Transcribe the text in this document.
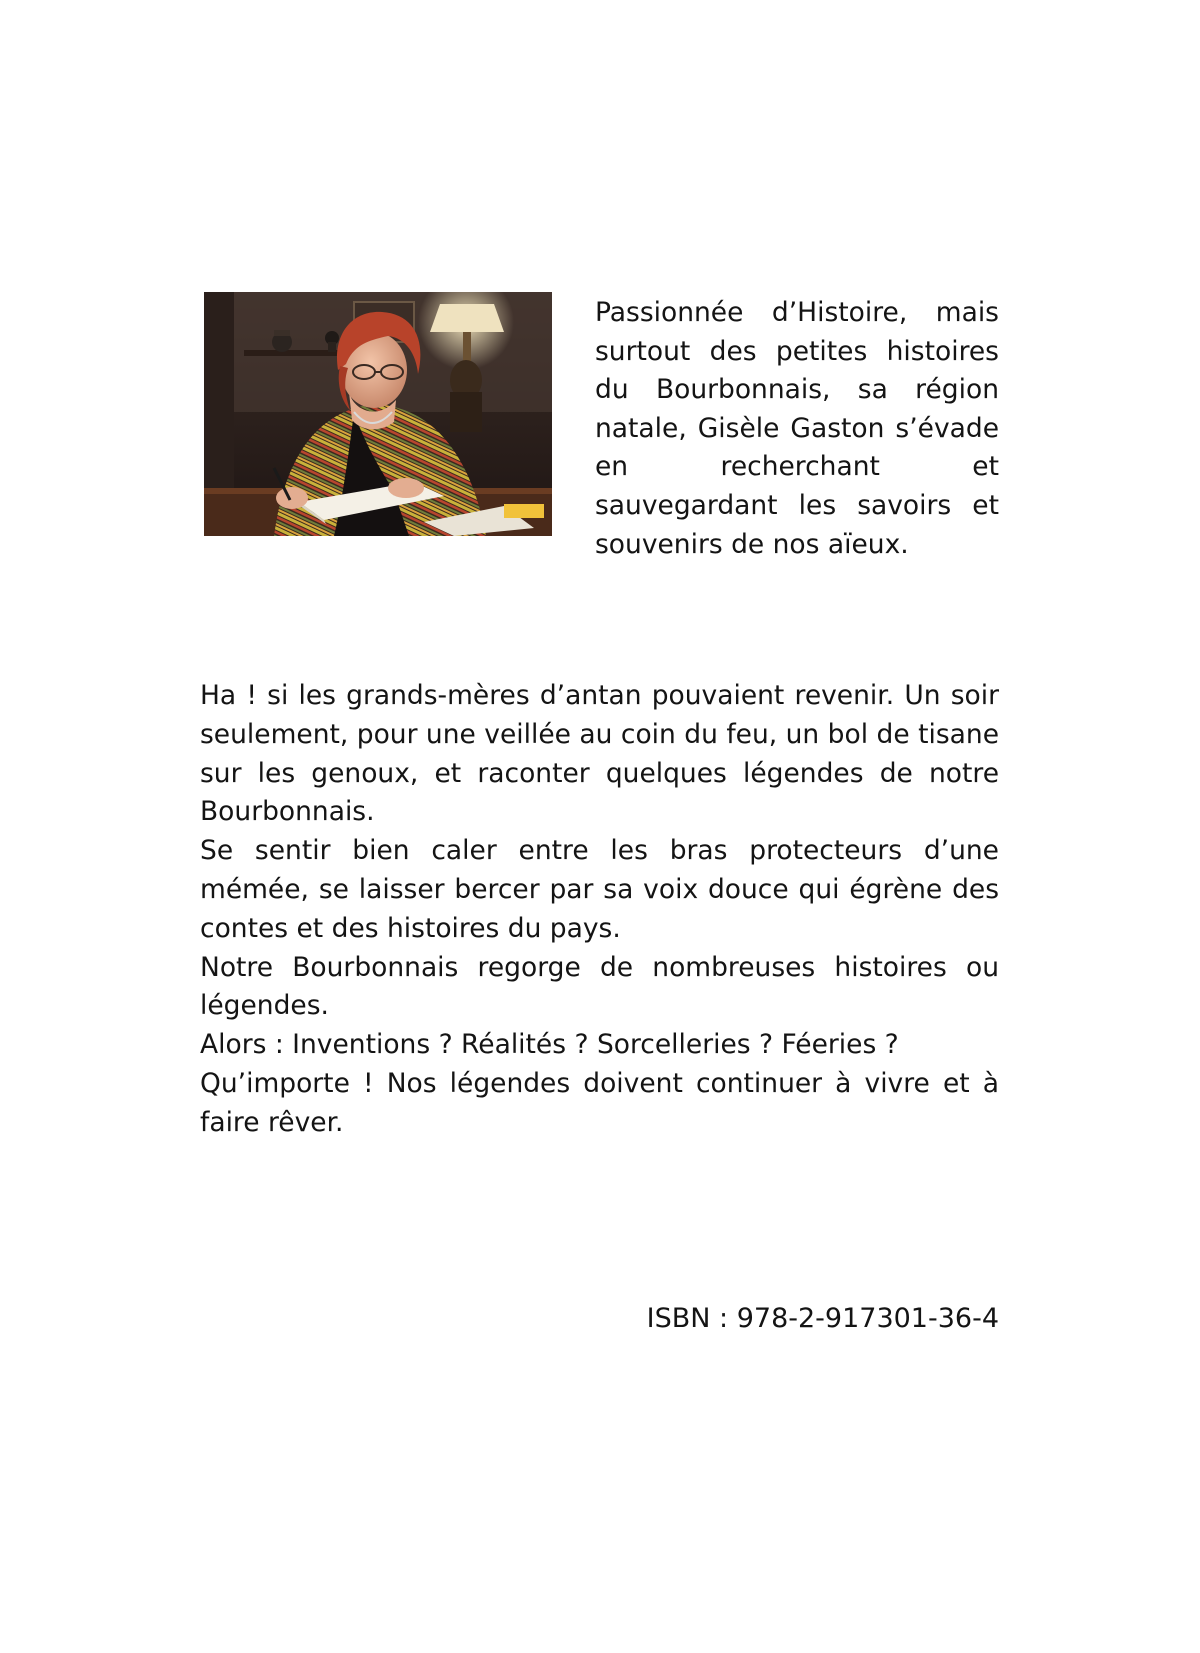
Passionnée d’Histoire, mais surtout des petites histoires du Bourbonnais, sa région natale, Gisèle Gaston s’évade en recherchant et sauvegardant les savoirs et souvenirs de nos aïeux.

Ha ! si les grands-mères d’antan pouvaient revenir. Un soir seulement, pour une veillée au coin du feu, un bol de tisane sur les genoux, et raconter quelques légendes de notre Bourbonnais.

Se sentir bien caler entre les bras protecteurs d’une mémée, se laisser bercer par sa voix douce qui égrène des contes et des histoires du pays.

Notre Bourbonnais regorge de nombreuses histoires ou légendes.

Alors : Inventions ? Réalités ? Sorcelleries ? Féeries ?

Qu’importe ! Nos légendes doivent continuer à vivre et à faire rêver.

ISBN : 978-2-917301-36-4
